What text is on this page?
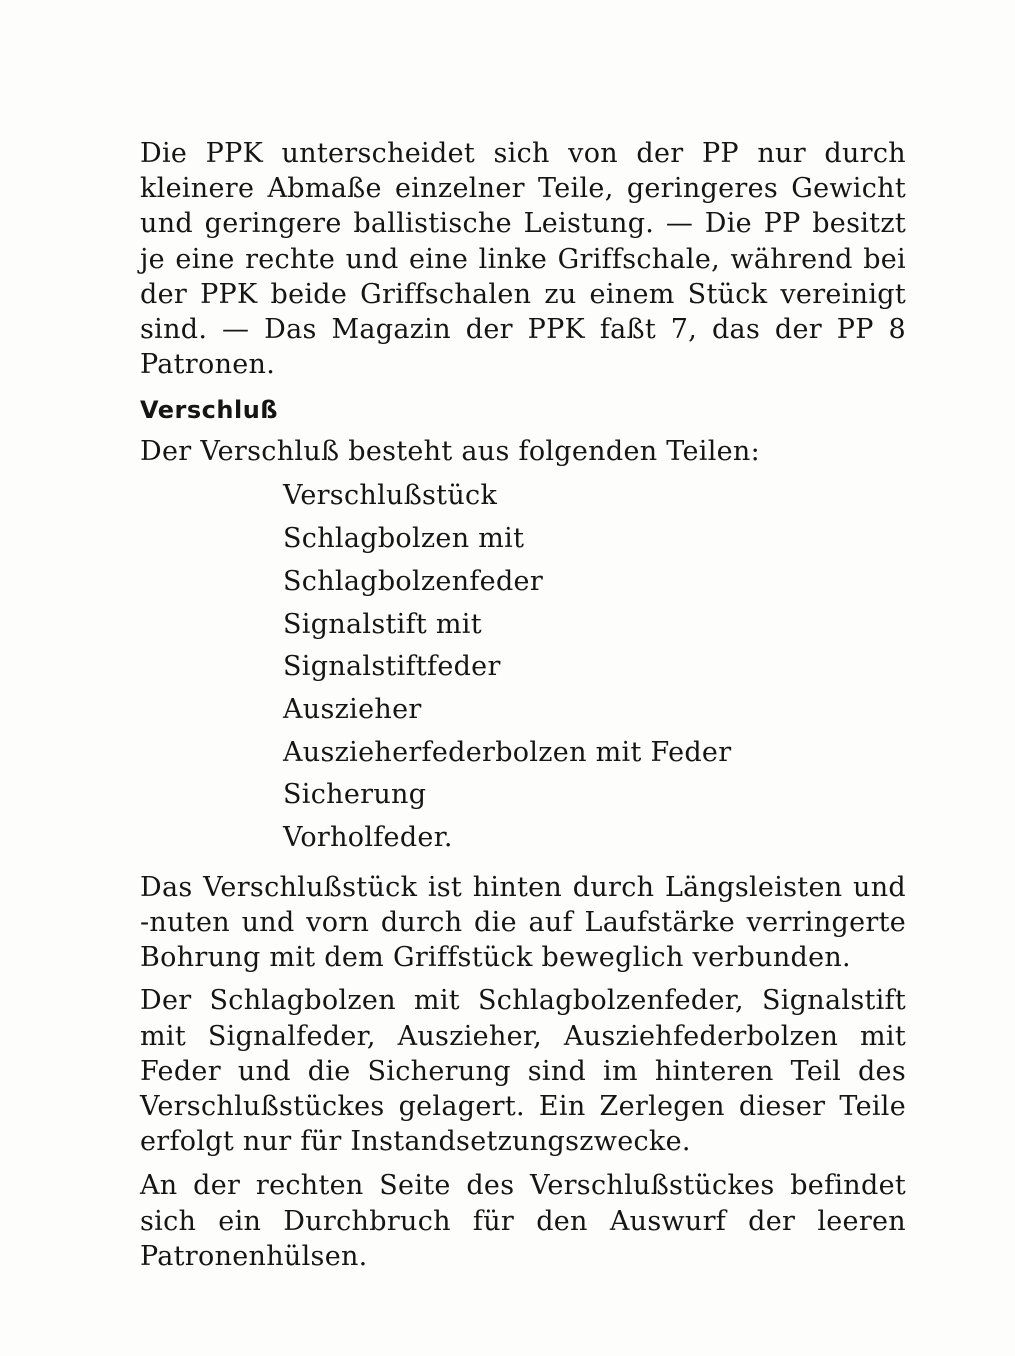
Die PPK unterscheidet sich von der PP nur durch kleinere Abmaße einzelner Teile, geringeres Gewicht und geringere ballistische Leistung. — Die PP besitzt je eine rechte und eine linke Griffschale, während bei der PPK beide Griffschalen zu einem Stück vereinigt sind. — Das Magazin der PPK faßt 7, das der PP 8 Patronen.

Verschluß

Der Verschluß besteht aus folgenden Teilen:

Verschlußstück
Schlagbolzen mit
Schlagbolzenfeder
Signalstift mit
Signalstiftfeder
Auszieher
Auszieherfederbolzen mit Feder
Sicherung
Vorholfeder.

Das Verschlußstück ist hinten durch Längsleisten und -nuten und vorn durch die auf Laufstärke verringerte Bohrung mit dem Griffstück beweglich verbunden.

Der Schlagbolzen mit Schlagbolzenfeder, Signalstift mit Signalfeder, Auszieher, Ausziehfederbolzen mit Feder und die Sicherung sind im hinteren Teil des Verschlußstückes gelagert. Ein Zerlegen dieser Teile erfolgt nur für Instandsetzungszwecke.

An der rechten Seite des Verschlußstückes befindet sich ein Durchbruch für den Auswurf der leeren Patronenhülsen.
